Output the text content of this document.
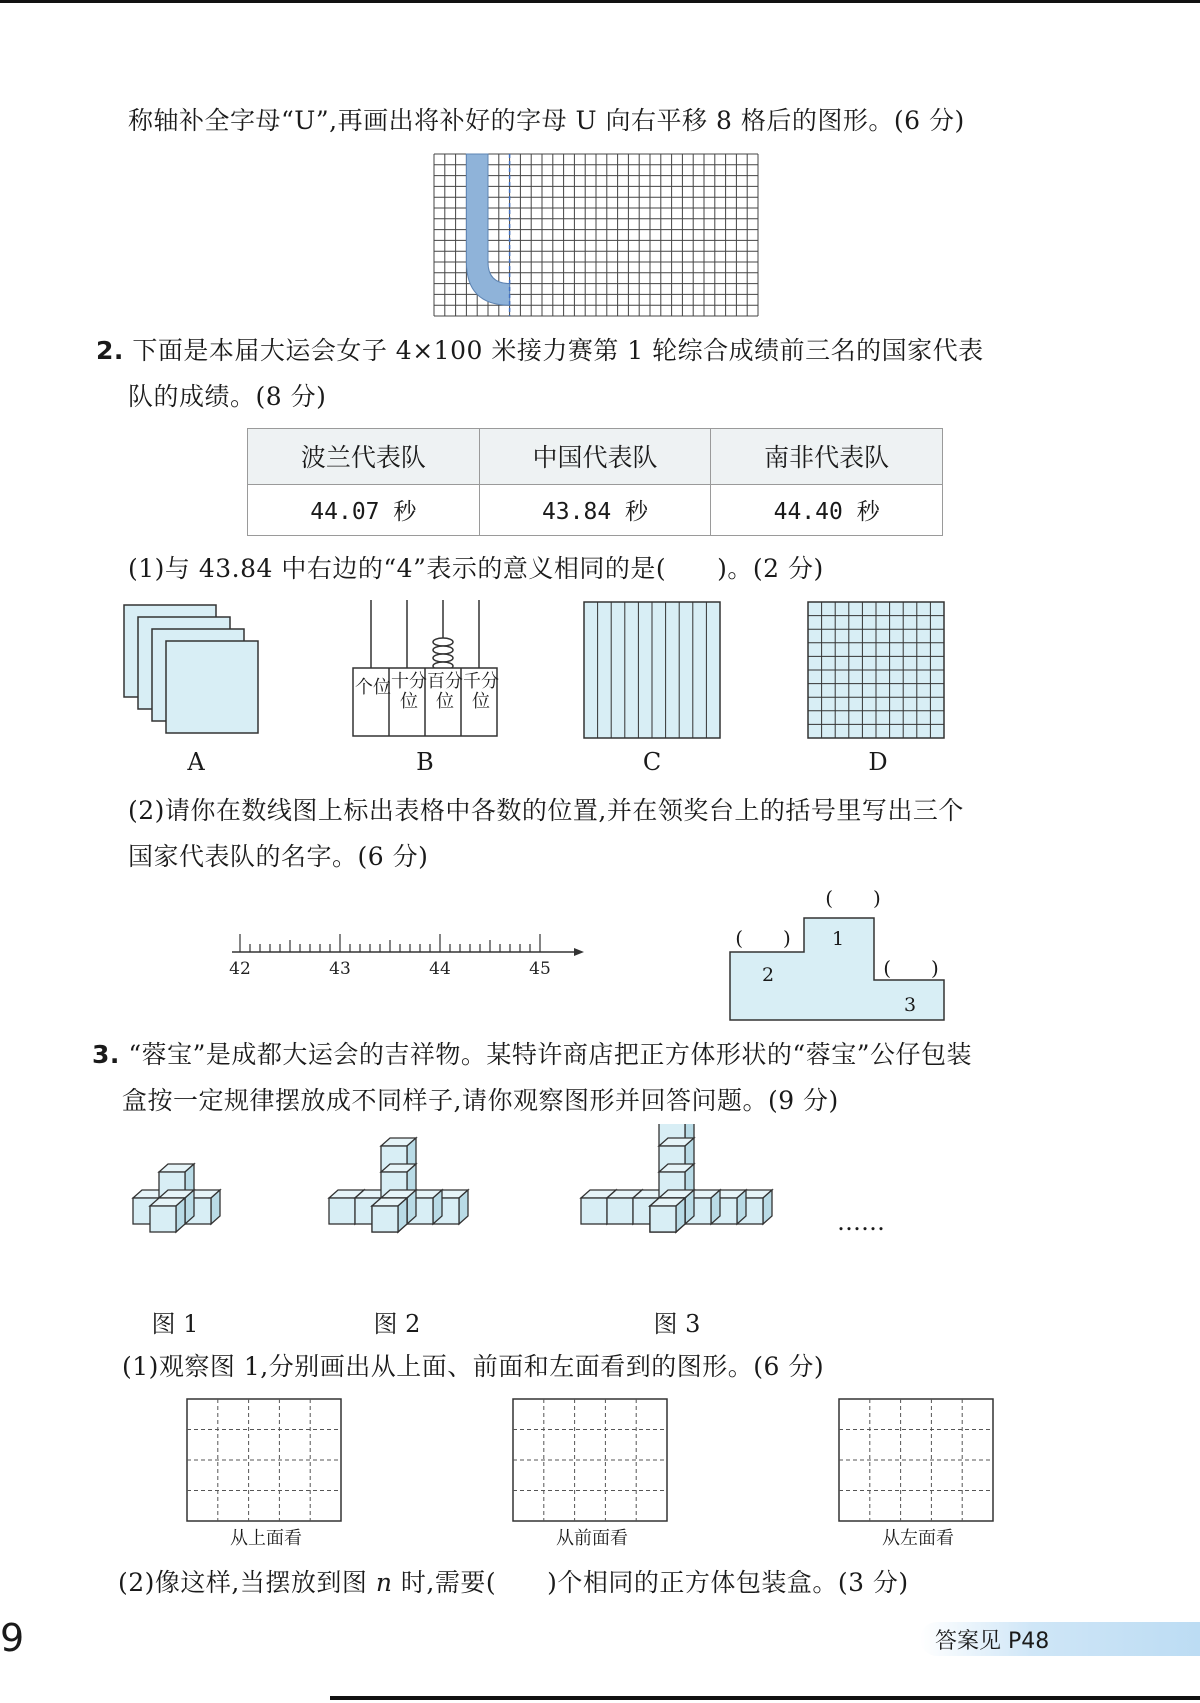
称轴补全字母“U”,再画出将补好的字母 U 向右平移 8 格后的图形。(6 分)
2. 下面是本届大运会女子 4×100 米接力赛第 1 轮综合成绩前三名的国家代表
队的成绩。(8 分)
波兰代表队	中国代表队	南非代表队
44.07 秒	43.84 秒	44.40 秒
(1)与 43.84 中右边的“4”表示的意义相同的是(　　)。(2 分)
A
个位 十分位
百分位
千分位
B	C	D
(2)请你在数线图上标出表格中各数的位置,并在领奖台上的括号里写出三个
国家代表队的名字。(6 分)
42	43	44	45
(　　)
(　　)
(　　)
1
2
3
3. “蓉宝”是成都大运会的吉祥物。某特许商店把正方体形状的“蓉宝”公仔包装
盒按一定规律摆放成不同样子,请你观察图形并回答问题。(9 分)
图 1	图 2	图 3
……
(1)观察图 1,分别画出从上面、前面和左面看到的图形。(6 分)
从上面看	从前面看	从左面看
(2)像这样,当摆放到图 n 时,需要(　　)个相同的正方体包装盒。(3 分)
9	答案见 P48
